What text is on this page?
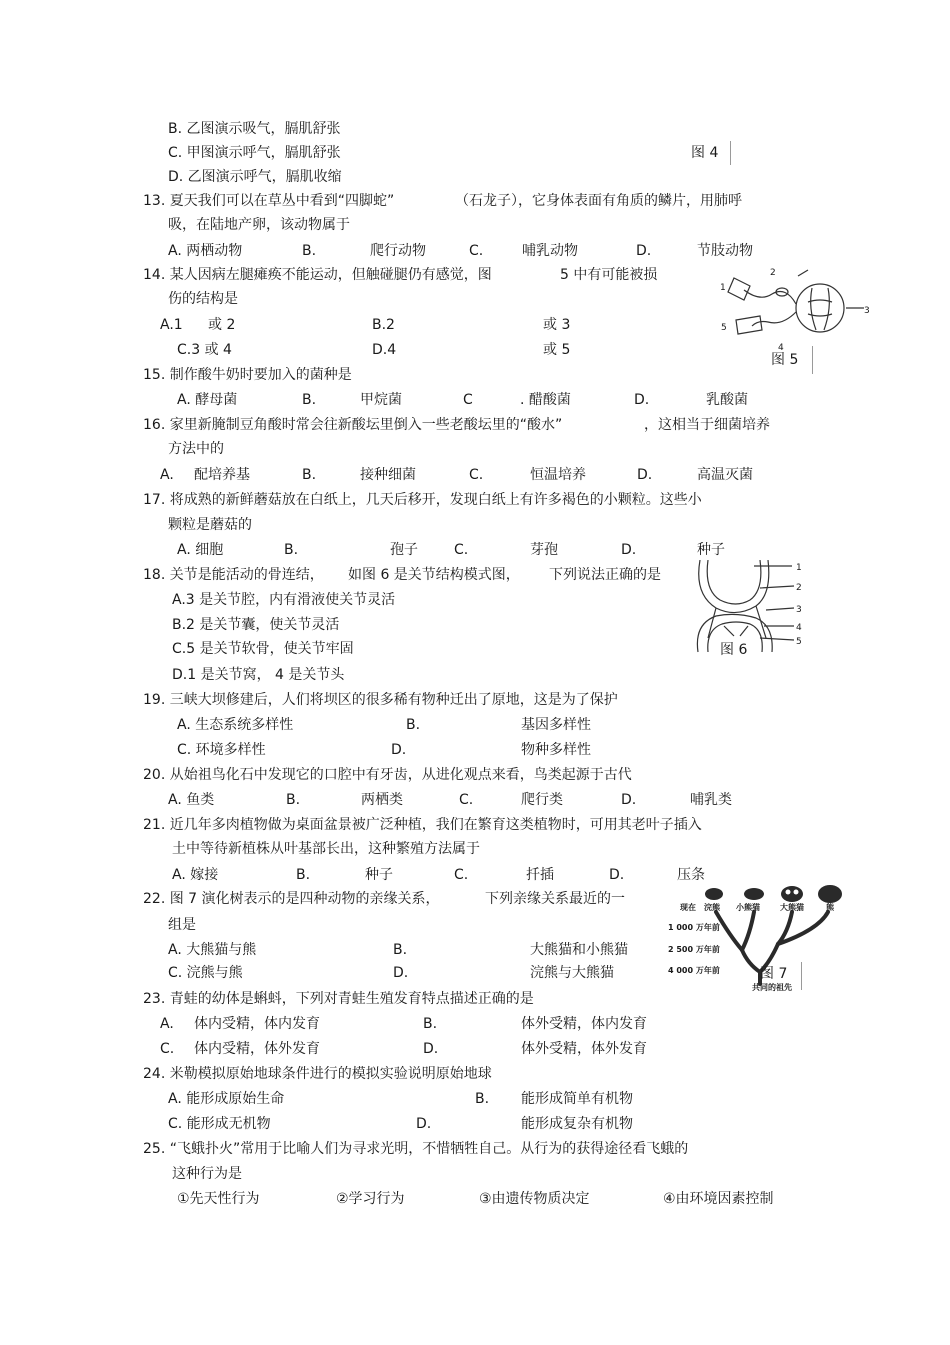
B. 乙图演示吸气，膈肌舒张
C. 甲图演示呼气，膈肌舒张	图 4
D. 乙图演示呼气，膈肌收缩
13. 夏天我们可以在草丛中看到“四脚蛇”	（石龙子），它身体表面有角质的鳞片，用肺呼
吸，在陆地产卵，该动物属于
A. 两栖动物	B.	爬行动物	C.	哺乳动物	D.	节肢动物
14. 某人因病左腿瘫痪不能运动，但触碰腿仍有感觉，图	5 中有可能被损
伤的结构是
A.1 或 2	B.2	或 3
C.3 或 4	D.4	或 5
1
2
3
4
5
图 5
15. 制作酸牛奶时要加入的菌种是
A. 酵母菌	B.	甲烷菌	C	. 醋酸菌	D.	乳酸菌
16. 家里新腌制豆角酸时常会往新酸坛里倒入一些老酸坛里的“酸水”	，这相当于细菌培养
方法中的
A. 配培养基	B.	接种细菌	C.	恒温培养	D.	高温灭菌
17. 将成熟的新鲜蘑菇放在白纸上，几天后移开，发现白纸上有许多褐色的小颗粒。这些小
颗粒是蘑菇的
A. 细胞	B.	孢子	C.	芽孢	D.	种子
18. 关节是能活动的骨连结， 如图 6 是关节结构模式图， 下列说法正确的是
A.3 是关节腔，内有滑液使关节灵活
B.2 是关节囊，使关节灵活
C.5 是关节软骨，使关节牢固
D.1 是关节窝， 4 是关节头
1
2
3
4
5
图 6
19. 三峡大坝修建后，人们将坝区的很多稀有物种迁出了原地，这是为了保护
A. 生态系统多样性	B.	基因多样性
C. 环境多样性	D.	物种多样性
20. 从始祖鸟化石中发现它的口腔中有牙齿，从进化观点来看，鸟类起源于古代
A. 鱼类	B.	两栖类	C.	爬行类	D.	哺乳类
21. 近几年多肉植物做为桌面盆景被广泛种植，我们在繁育这类植物时，可用其老叶子插入
土中等待新植株从叶基部长出，这种繁殖方法属于
A. 嫁接	B.	种子	C.	扦插	D.	压条
22. 图 7 演化树表示的是四种动物的亲缘关系，	下列亲缘关系最近的一
组是
A. 大熊猫与熊	B.	大熊猫和小熊猫
C. 浣熊与熊	D.	浣熊与大熊猫
浣熊 小熊猫	大熊猫	熊
现在
1 000 万年前
2 500 万年前
4 000 万年前
共同的祖先
图 7
23. 青蛙的幼体是蝌蚪，下列对青蛙生殖发育特点描述正确的是
A. 体内受精，体内发育	B.	体外受精，体内发育
C. 体内受精，体外发育	D.	体外受精，体外发育
24. 米勒模拟原始地球条件进行的模拟实验说明原始地球
A. 能形成原始生命	B. 能形成简单有机物
C. 能形成无机物	D.	能形成复杂有机物
25. “飞蛾扑火”常用于比喻人们为寻求光明，不惜牺牲自己。从行为的获得途径看飞蛾的
这种行为是
①先天性行为	②学习行为	③由遗传物质决定	④由环境因素控制
